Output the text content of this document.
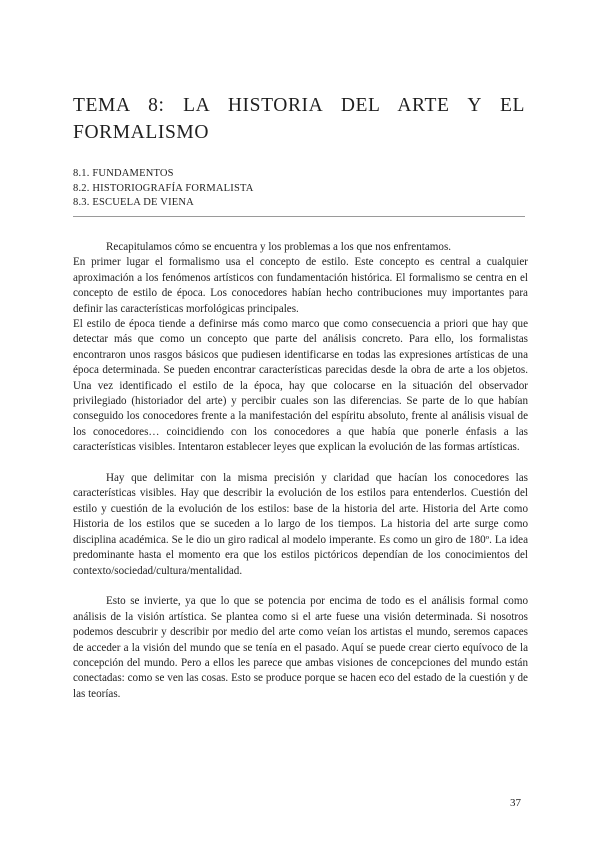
TEMA 8: LA HISTORIA DEL ARTE Y EL FORMALISMO
8.1. FUNDAMENTOS
8.2. HISTORIOGRAFÍA FORMALISTA
8.3. ESCUELA DE VIENA

Recapitulamos cómo se encuentra y los problemas a los que nos enfrentamos.

En primer lugar el formalismo usa el concepto de estilo. Este concepto es central a cualquier aproximación a los fenómenos artísticos con fundamentación histórica. El formalismo se centra en el concepto de estilo de época. Los conocedores habían hecho contribuciones muy importantes para definir las características morfológicas principales.

El estilo de época tiende a definirse más como marco que como consecuencia a priori que hay que detectar más que como un concepto que parte del análisis concreto. Para ello, los formalistas encontraron unos rasgos básicos que pudiesen identificarse en todas las expresiones artísticas de una época determinada. Se pueden encontrar características parecidas desde la obra de arte a los objetos. Una vez identificado el estilo de la época, hay que colocarse en la situación del observador privilegiado (historiador del arte) y percibir cuales son las diferencias. Se parte de lo que habían conseguido los conocedores frente a la manifestación del espíritu absoluto, frente al análisis visual de los conocedores… coincidiendo con los conocedores a que había que ponerle énfasis a las características visibles. Intentaron establecer leyes que explican la evolución de las formas artísticas.

Hay que delimitar con la misma precisión y claridad que hacían los conocedores las características visibles. Hay que describir la evolución de los estilos para entenderlos. Cuestión del estilo y cuestión de la evolución de los estilos: base de la historia del arte. Historia del Arte como Historia de los estilos que se suceden a lo largo de los tiempos. La historia del arte surge como disciplina académica. Se le dio un giro radical al modelo imperante. Es como un giro de 180º. La idea predominante hasta el momento era que los estilos pictóricos dependían de los conocimientos del contexto/sociedad/cultura/mentalidad.

Esto se invierte, ya que lo que se potencia por encima de todo es el análisis formal como análisis de la visión artística. Se plantea como si el arte fuese una visión determinada. Si nosotros podemos descubrir y describir por medio del arte como veían los artistas el mundo, seremos capaces de acceder a la visión del mundo que se tenía en el pasado. Aquí se puede crear cierto equívoco de la concepción del mundo. Pero a ellos les parece que ambas visiones de concepciones del mundo están conectadas: como se ven las cosas. Esto se produce porque se hacen eco del estado de la cuestión y de las teorías.

37
